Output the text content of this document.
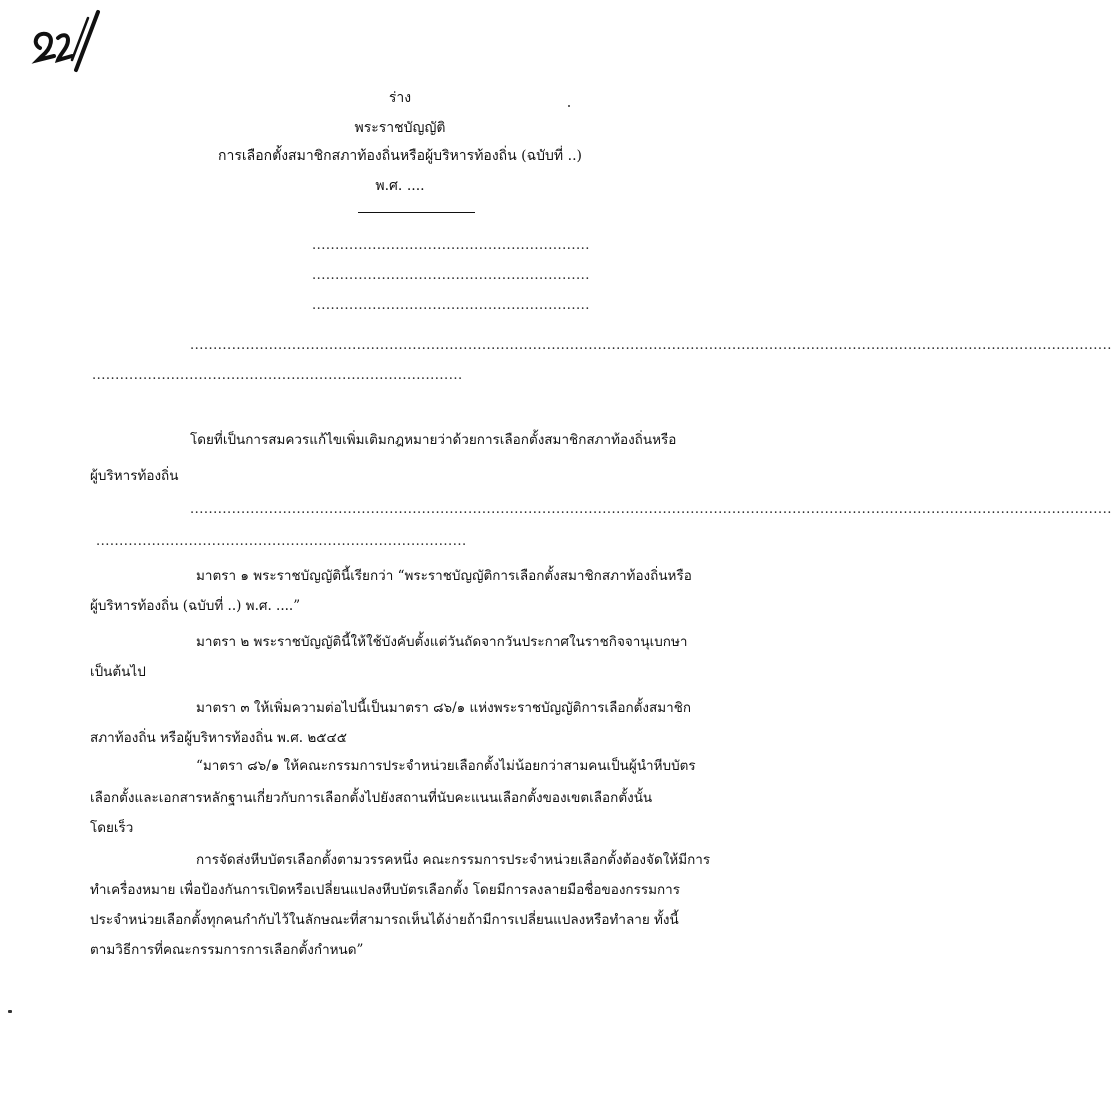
ร่าง
พระราชบัญญัติ
การเลือกตั้งสมาชิกสภาท้องถิ่นหรือผู้บริหารท้องถิ่น (ฉบับที่ ..)
พ.ศ. ....
............................................................
............................................................
............................................................
.......................................................................................................................................................................................................
................................................................................
โดยที่เป็นการสมควรแก้ไขเพิ่มเติมกฎหมายว่าด้วยการเลือกตั้งสมาชิกสภาท้องถิ่นหรือ
ผู้บริหารท้องถิ่น
.......................................................................................................................................................................................................
................................................................................
มาตรา ๑ พระราชบัญญัตินี้เรียกว่า “พระราชบัญญัติการเลือกตั้งสมาชิกสภาท้องถิ่นหรือ
ผู้บริหารท้องถิ่น (ฉบับที่ ..) พ.ศ. ....”
มาตรา ๒ พระราชบัญญัตินี้ให้ใช้บังคับตั้งแต่วันถัดจากวันประกาศในราชกิจจานุเบกษา
เป็นต้นไป
มาตรา ๓ ให้เพิ่มความต่อไปนี้เป็นมาตรา ๘๖/๑ แห่งพระราชบัญญัติการเลือกตั้งสมาชิก
สภาท้องถิ่น หรือผู้บริหารท้องถิ่น พ.ศ. ๒๕๔๕
“มาตรา ๘๖/๑ ให้คณะกรรมการประจำหน่วยเลือกตั้งไม่น้อยกว่าสามคนเป็นผู้นำหีบบัตร
เลือกตั้งและเอกสารหลักฐานเกี่ยวกับการเลือกตั้งไปยังสถานที่นับคะแนนเลือกตั้งของเขตเลือกตั้งนั้น
โดยเร็ว
การจัดส่งหีบบัตรเลือกตั้งตามวรรคหนึ่ง คณะกรรมการประจำหน่วยเลือกตั้งต้องจัดให้มีการ
ทำเครื่องหมาย เพื่อป้องกันการเปิดหรือเปลี่ยนแปลงหีบบัตรเลือกตั้ง โดยมีการลงลายมือชื่อของกรรมการ
ประจำหน่วยเลือกตั้งทุกคนกำกับไว้ในลักษณะที่สามารถเห็นได้ง่ายถ้ามีการเปลี่ยนแปลงหรือทำลาย ทั้งนี้
ตามวิธีการที่คณะกรรมการการเลือกตั้งกำหนด”
